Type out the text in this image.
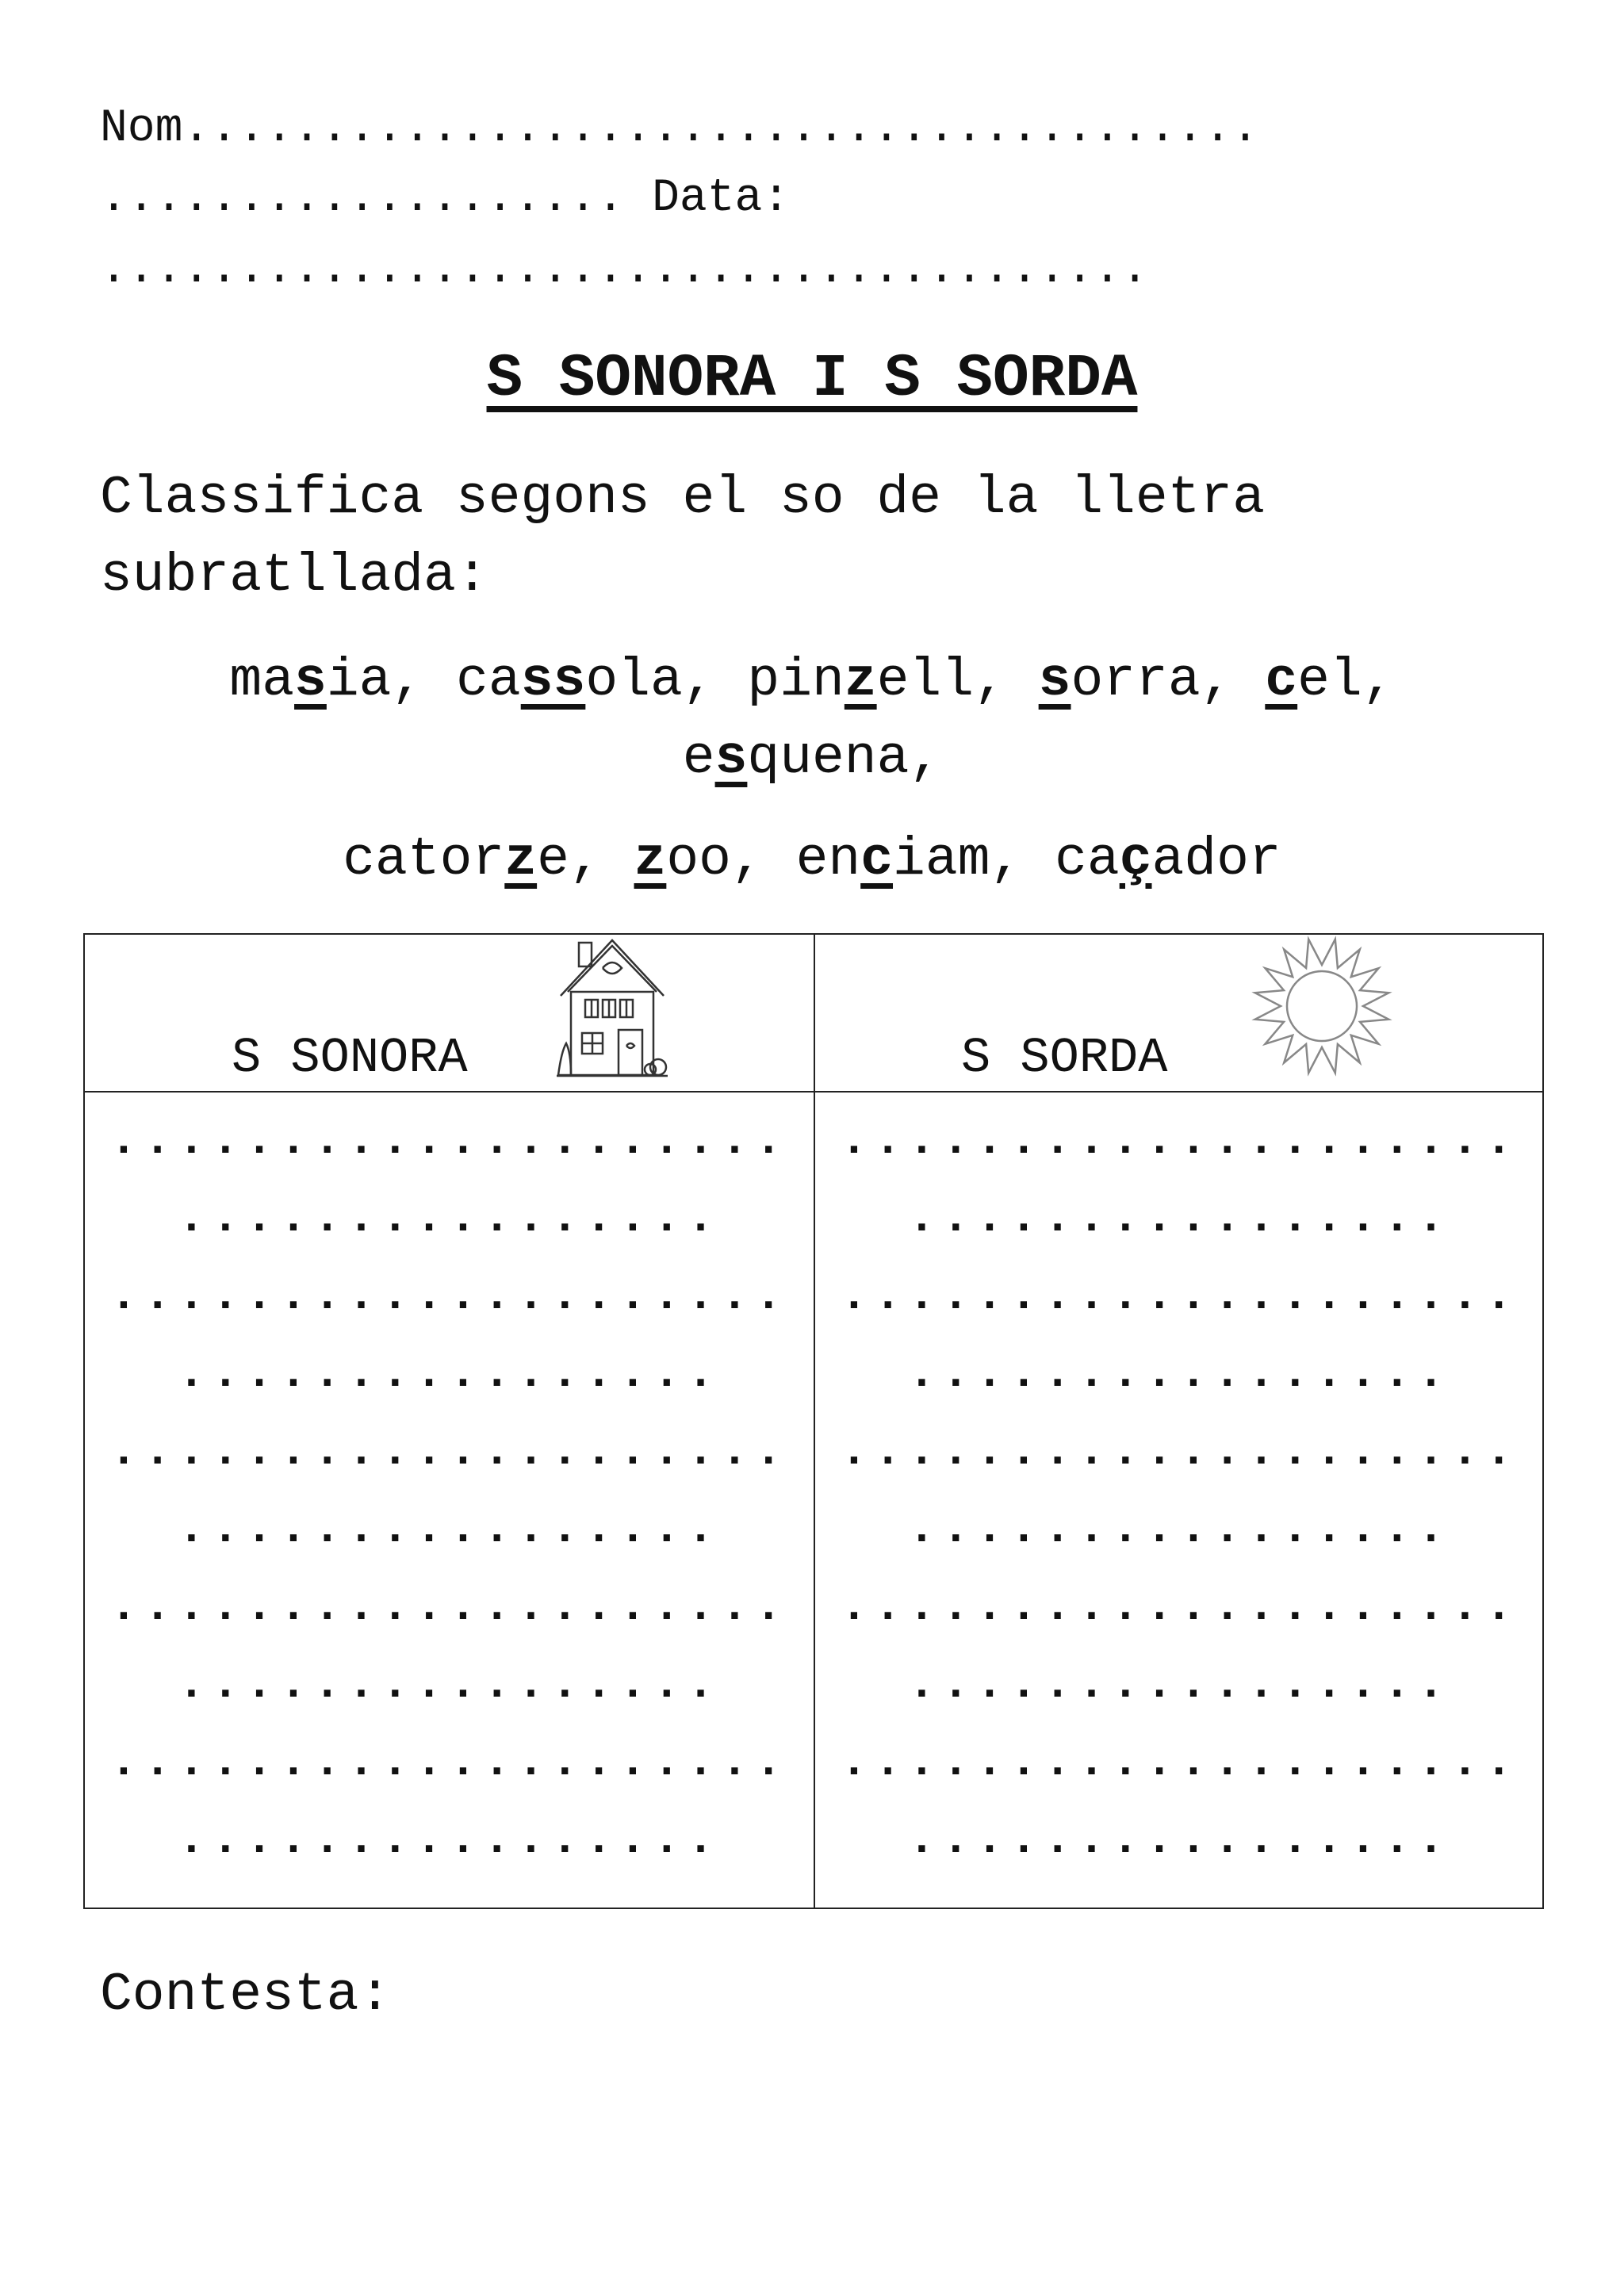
Nom.......................................
................... Data:
......................................
S SONORA I S SORDA
Classifica segons el so de la lletra subratllada:
masia, cassola, pinzell, sorra, cel,
esquena,
catorze, zoo, enciam, caçador
S SONORA	S SORDA
....................
................
....................
................
....................
................
....................
................
....................
................
....................
................
....................
................
....................
................
....................
................
....................
................
Contesta:
